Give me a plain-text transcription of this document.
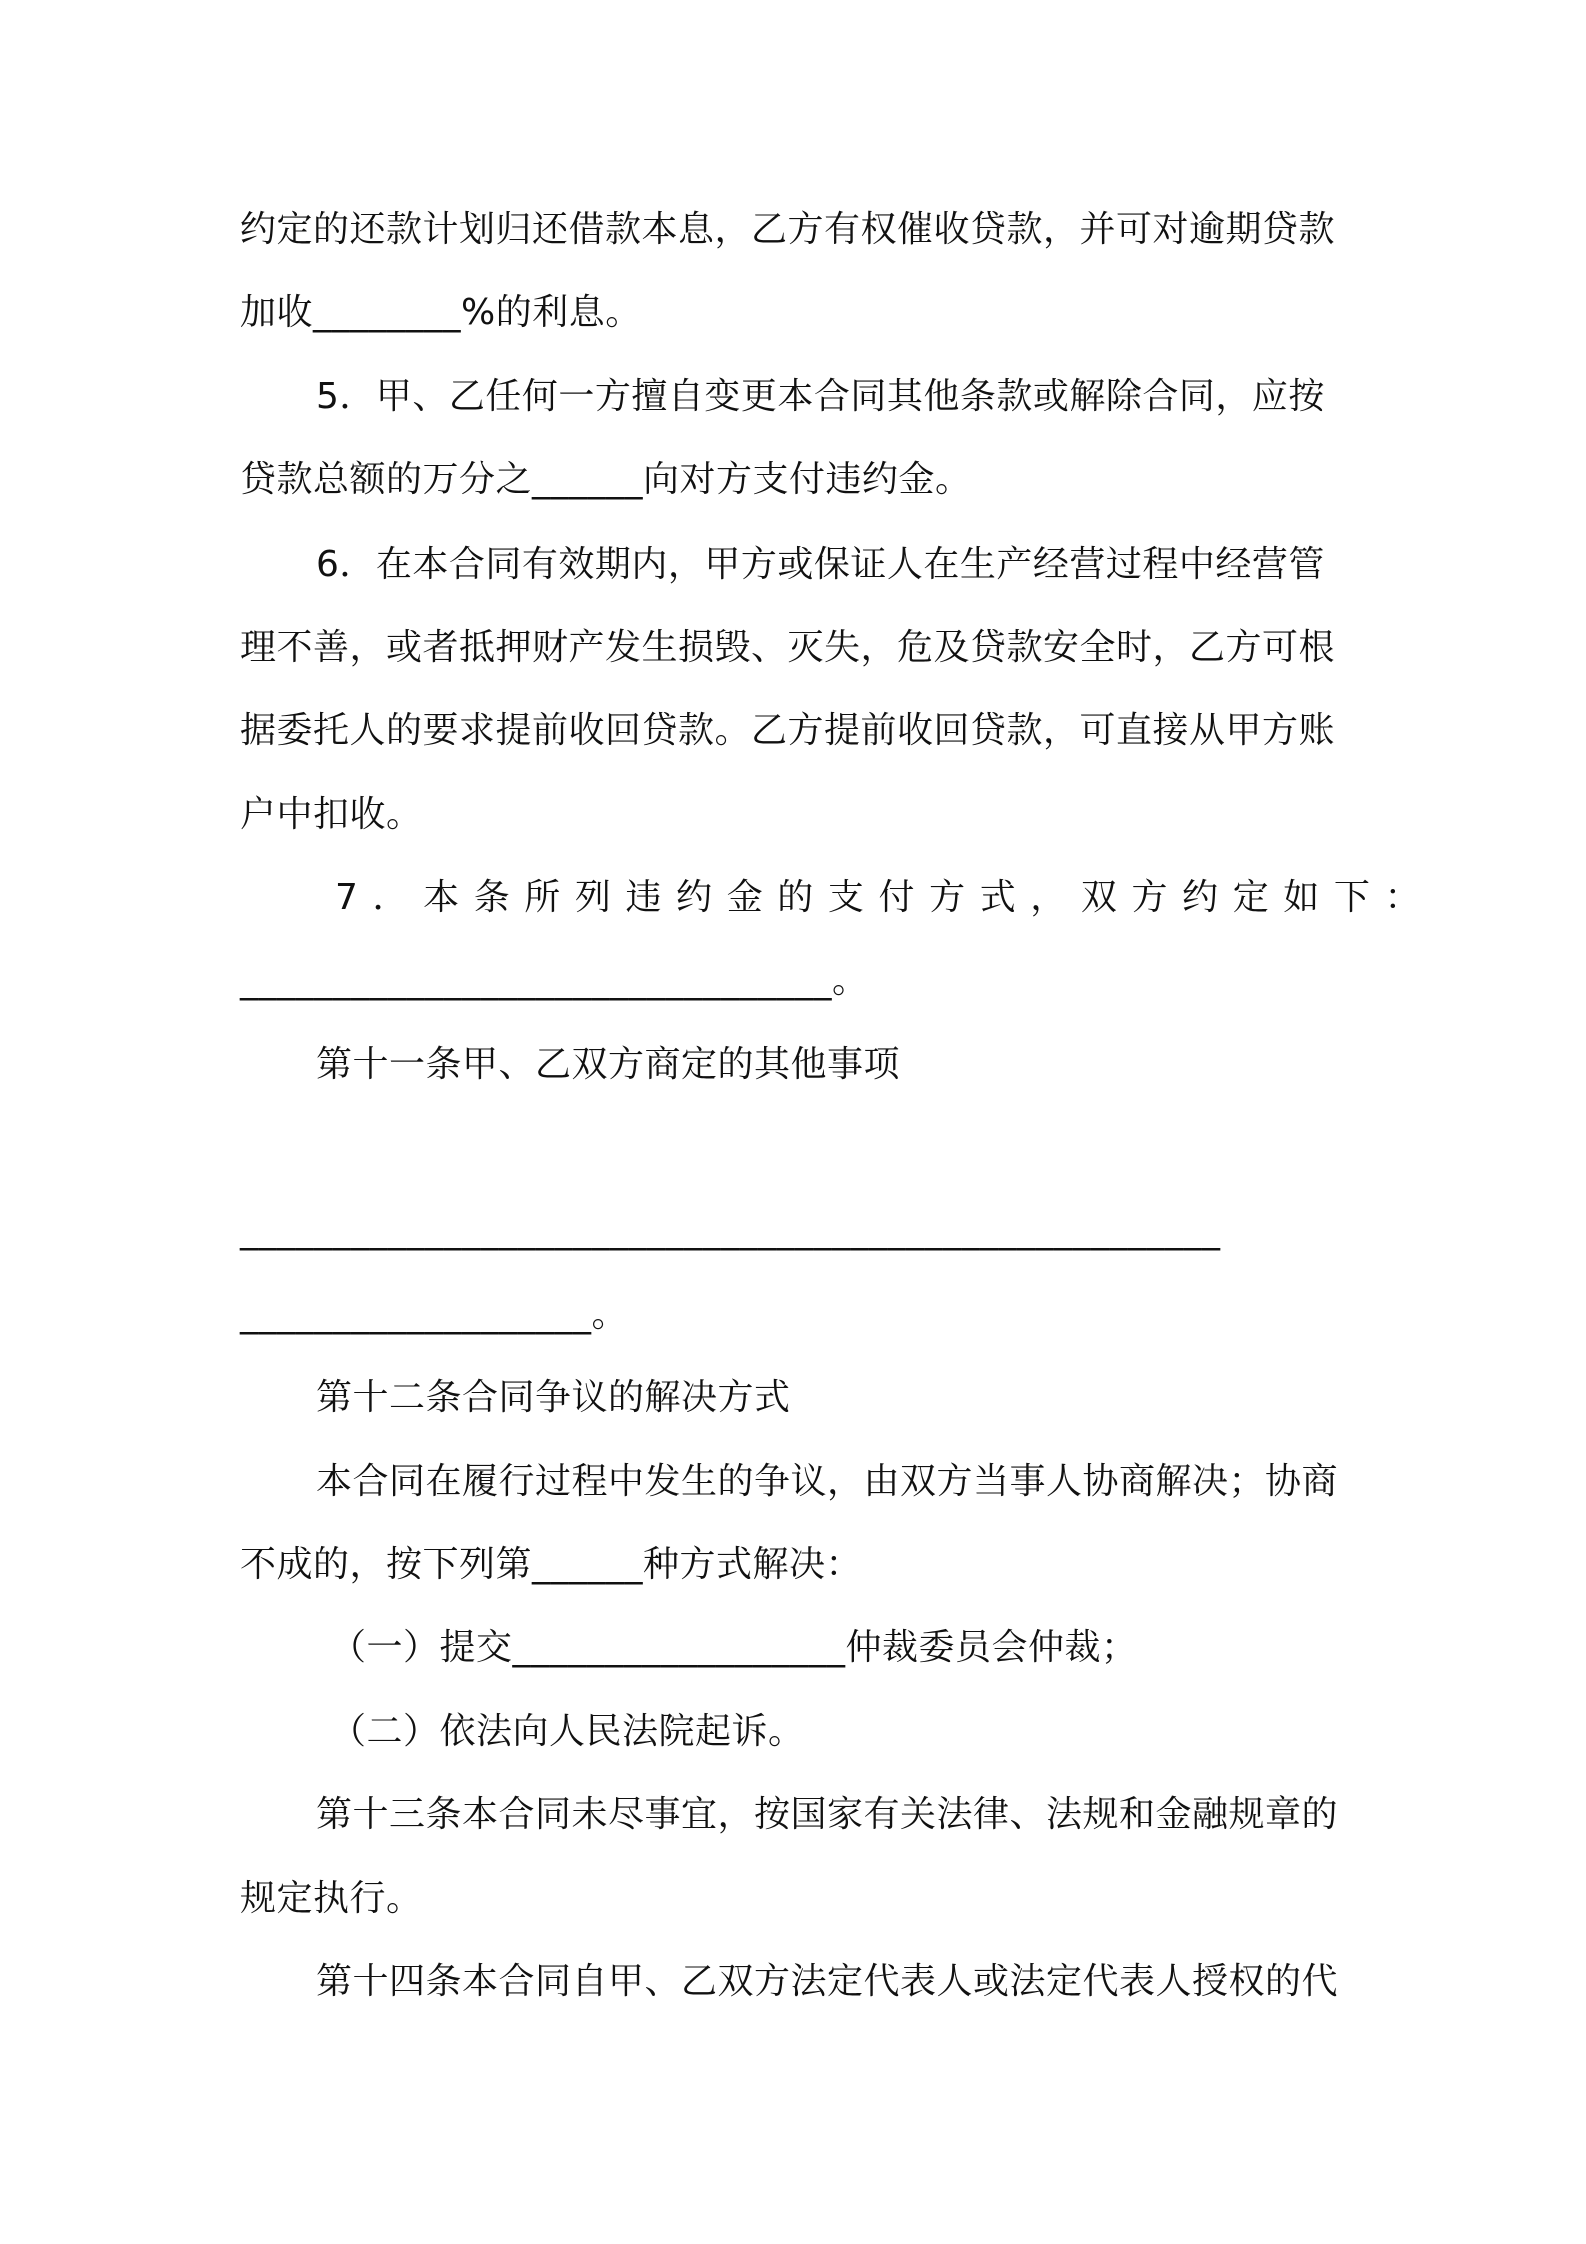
约定的还款计划归还借款本息，乙方有权催收贷款，并可对逾期贷款
加收________%的利息。
5．甲、乙任何一方擅自变更本合同其他条款或解除合同，应按
贷款总额的万分之______向对方支付违约金。
6．在本合同有效期内，甲方或保证人在生产经营过程中经营管
理不善，或者抵押财产发生损毁、灭失，危及贷款安全时，乙方可根
据委托人的要求提前收回贷款。乙方提前收回贷款，可直接从甲方账
户中扣收。
7．本条所列违约金的支付方式，双方约定如下：
________________________________。
第十一条甲、乙双方商定的其他事项
_____________________________________________________
___________________。
第十二条合同争议的解决方式
本合同在履行过程中发生的争议，由双方当事人协商解决；协商
不成的，按下列第______种方式解决：
（一）提交__________________仲裁委员会仲裁；
（二）依法向人民法院起诉。
第十三条本合同未尽事宜，按国家有关法律、法规和金融规章的
规定执行。
第十四条本合同自甲、乙双方法定代表人或法定代表人授权的代
